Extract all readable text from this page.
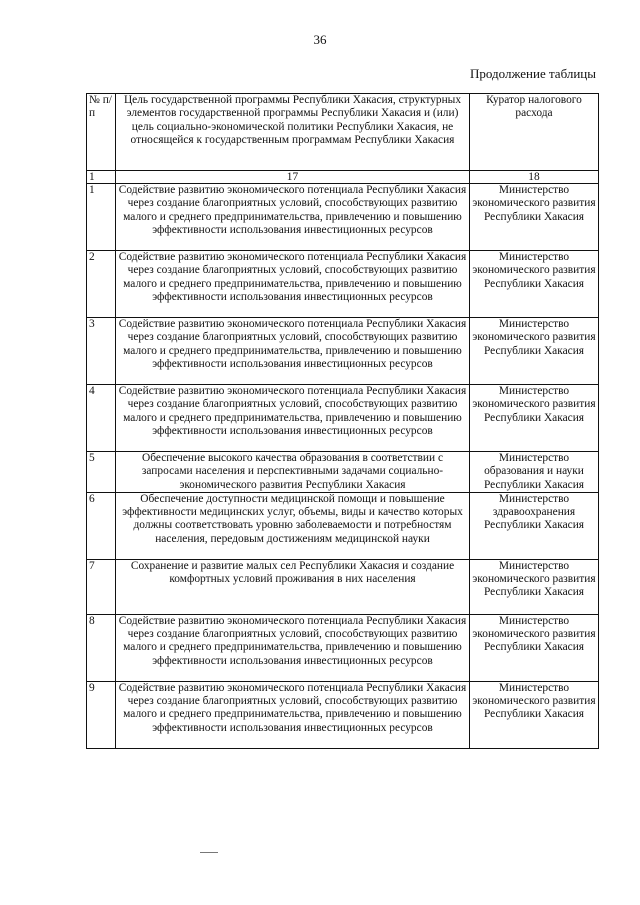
36
Продолжение таблицы
№ п/п	Цель государственной программы Республики Хакасия, структурных элементов государственной программы Республики Хакасия и (или) цель социально-экономической политики Республики Хакасия, не относящейся к государственным программам Республики Хакасия	Куратор налогового расхода
1	17	18
1	Содействие развитию экономического потенциала Республики Хакасия через создание благоприятных условий, способствующих развитию малого и среднего предпринимательства, привлечению и повышению эффективности использования инвестиционных ресурсов	Министерство экономического развития Республики Хакасия
2	Содействие развитию экономического потенциала Республики Хакасия через создание благоприятных условий, способствующих развитию малого и среднего предпринимательства, привлечению и повышению эффективности использования инвестиционных ресурсов	Министерство экономического развития Республики Хакасия
3	Содействие развитию экономического потенциала Республики Хакасия через создание благоприятных условий, способствующих развитию малого и среднего предпринимательства, привлечению и повышению эффективности использования инвестиционных ресурсов	Министерство экономического развития Республики Хакасия
4	Содействие развитию экономического потенциала Республики Хакасия через создание благоприятных условий, способствующих развитию малого и среднего предпринимательства, привлечению и повышению эффективности использования инвестиционных ресурсов	Министерство экономического развития Республики Хакасия
5	Обеспечение высокого качества образования в соответствии с запросами населения и перспективными задачами социально-экономического развития Республики Хакасия	Министерство образования и науки Республики Хакасия
6	Обеспечение доступности медицинской помощи и повышение эффективности медицинских услуг, объемы, виды и качество которых должны соответствовать уровню заболеваемости и потребностям населения, передовым достижениям медицинской науки	Министерство здравоохранения Республики Хакасия
7	Сохранение и развитие малых сел Республики Хакасия и создание комфортных условий проживания в них населения	Министерство экономического развития Республики Хакасия
8	Содействие развитию экономического потенциала Республики Хакасия через создание благоприятных условий, способствующих развитию малого и среднего предпринимательства, привлечению и повышению эффективности использования инвестиционных ресурсов	Министерство экономического развития Республики Хакасия
9	Содействие развитию экономического потенциала Республики Хакасия через создание благоприятных условий, способствующих развитию малого и среднего предпринимательства, привлечению и повышению эффективности использования инвестиционных ресурсов	Министерство экономического развития Республики Хакасия
